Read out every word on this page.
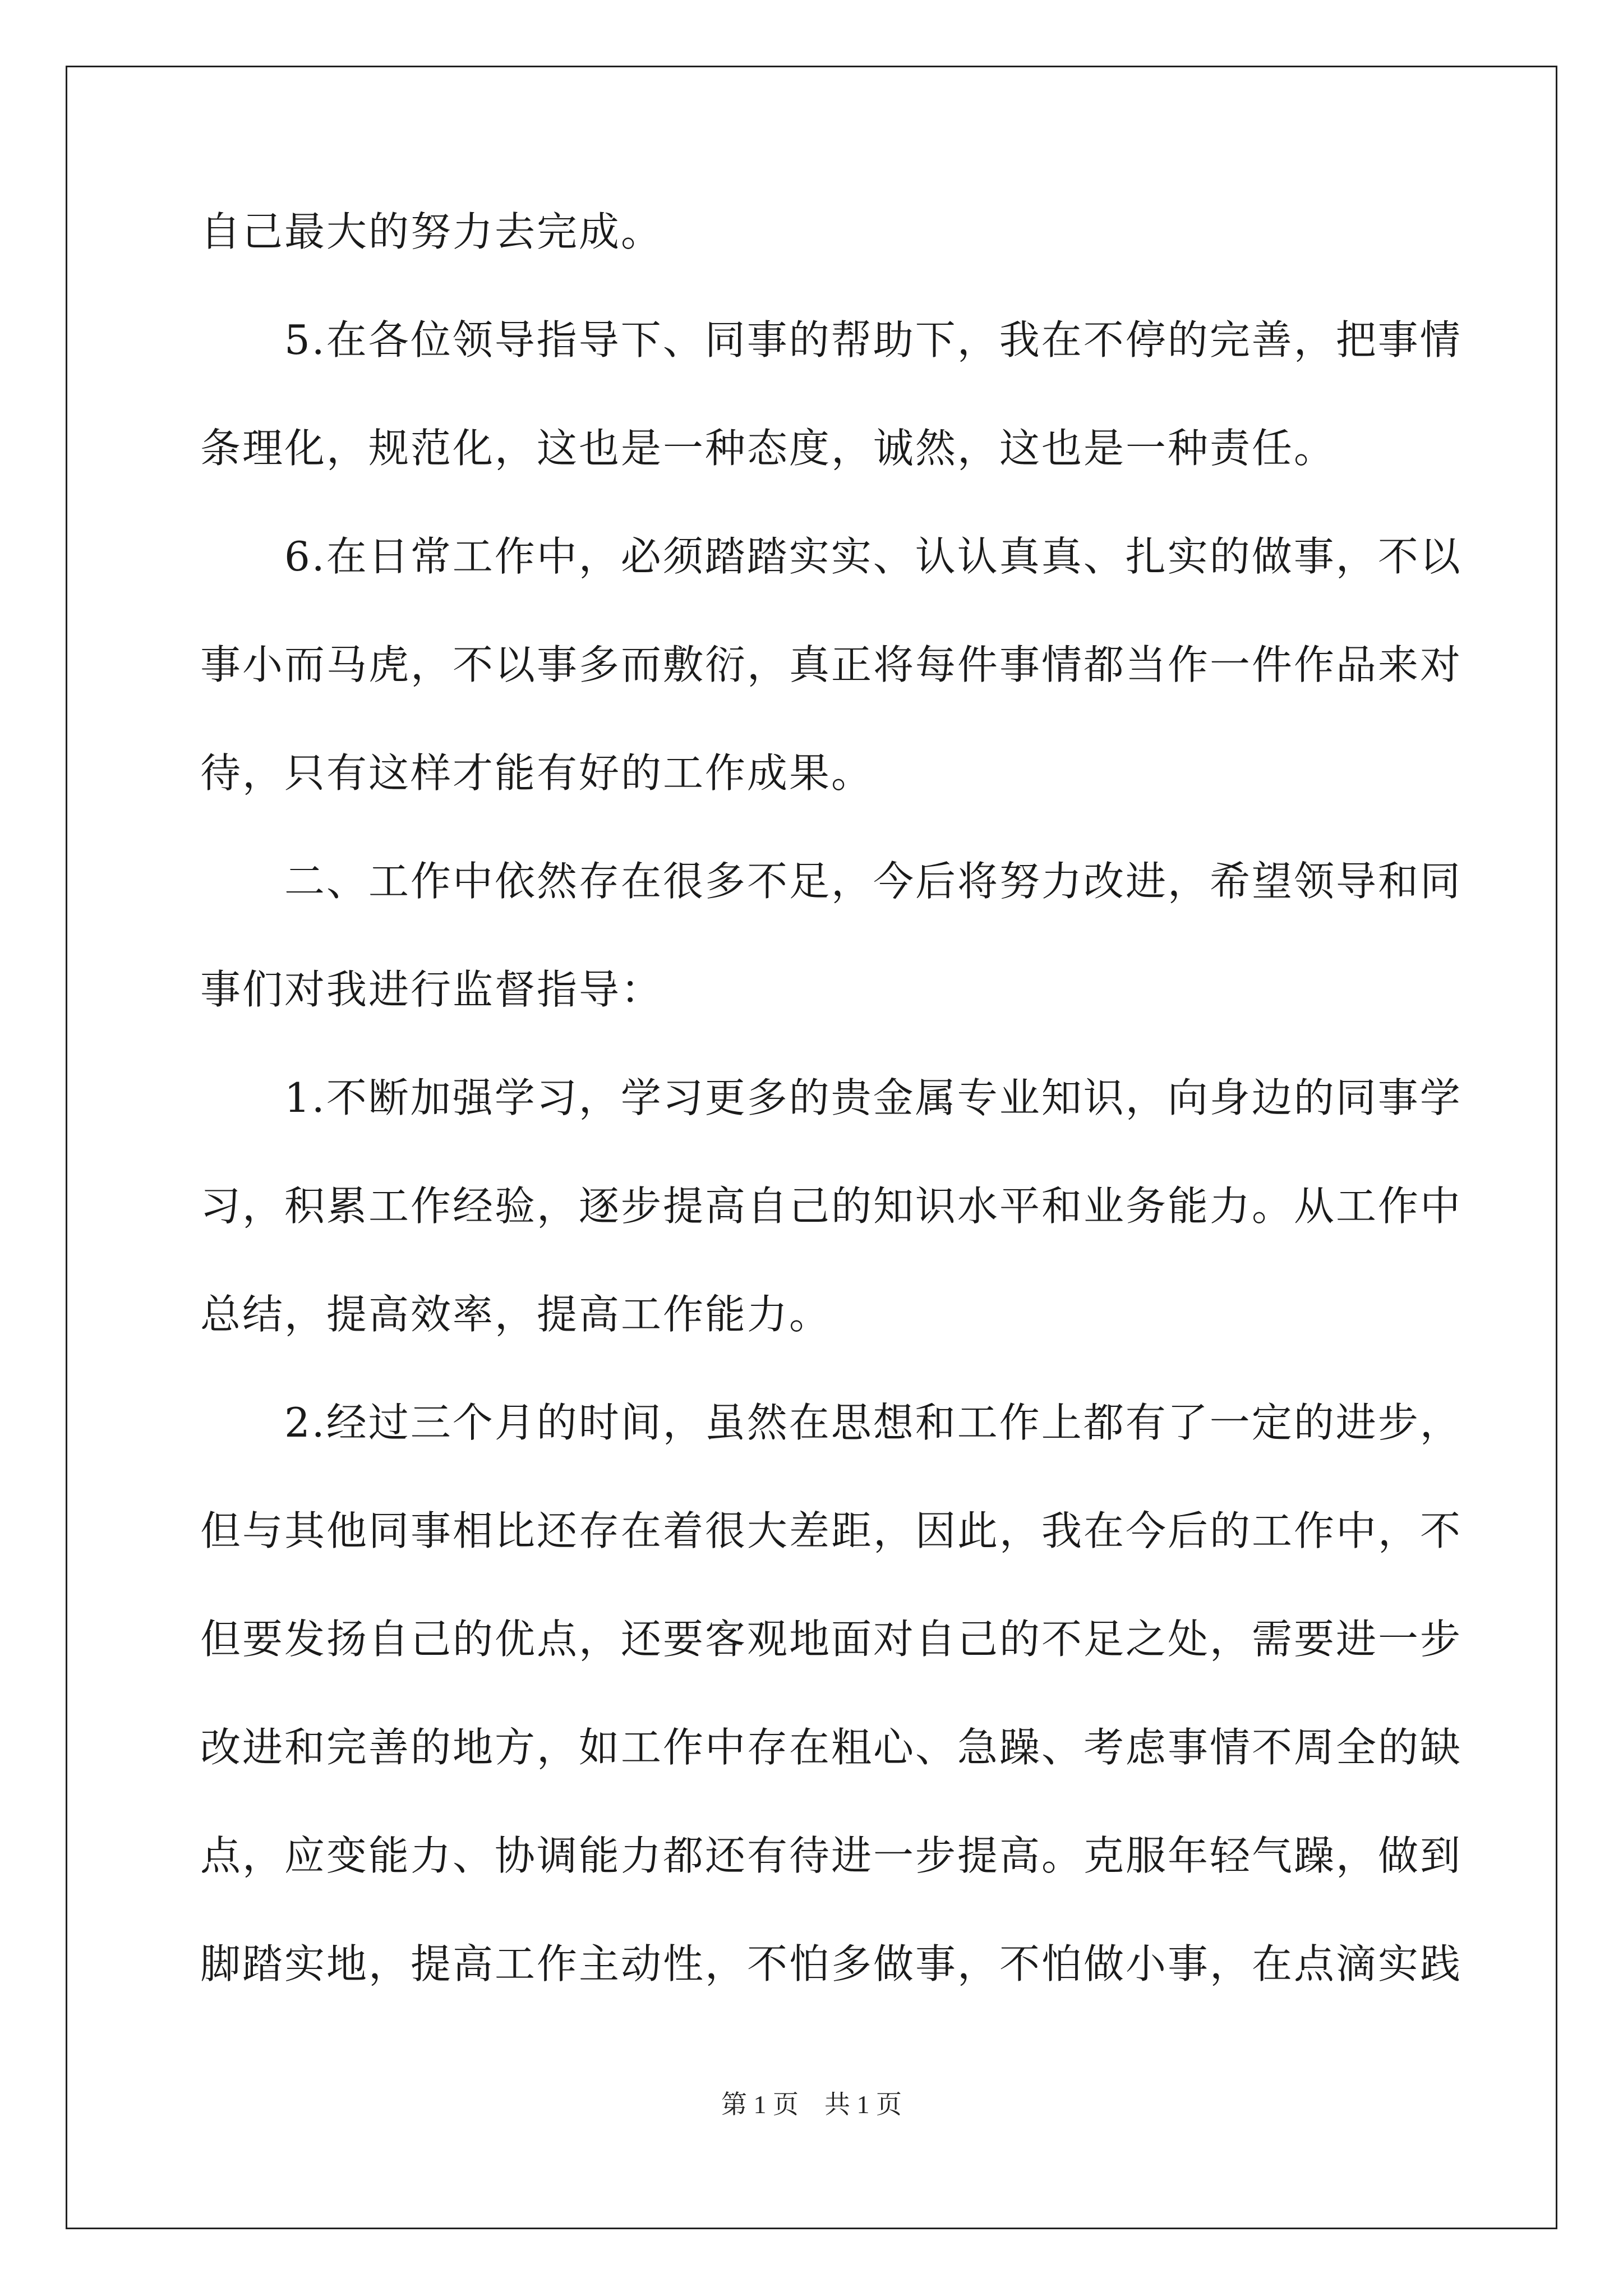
自己最大的努力去完成。
　　5.在各位领导指导下、同事的帮助下，我在不停的完善，把事情
条理化，规范化，这也是一种态度，诚然，这也是一种责任。
　　6.在日常工作中，必须踏踏实实、认认真真、扎实的做事，不以
事小而马虎，不以事多而敷衍，真正将每件事情都当作一件作品来对
待，只有这样才能有好的工作成果。
　　二、工作中依然存在很多不足，今后将努力改进，希望领导和同
事们对我进行监督指导：
　　1.不断加强学习，学习更多的贵金属专业知识，向身边的同事学
习，积累工作经验，逐步提高自己的知识水平和业务能力。从工作中
总结，提高效率，提高工作能力。
　　2.经过三个月的时间，虽然在思想和工作上都有了一定的进步，
但与其他同事相比还存在着很大差距，因此，我在今后的工作中，不
但要发扬自己的优点，还要客观地面对自己的不足之处，需要进一步
改进和完善的地方，如工作中存在粗心、急躁、考虑事情不周全的缺
点，应变能力、协调能力都还有待进一步提高。克服年轻气躁，做到
脚踏实地，提高工作主动性，不怕多做事，不怕做小事，在点滴实践
第 1 页　共 1 页
